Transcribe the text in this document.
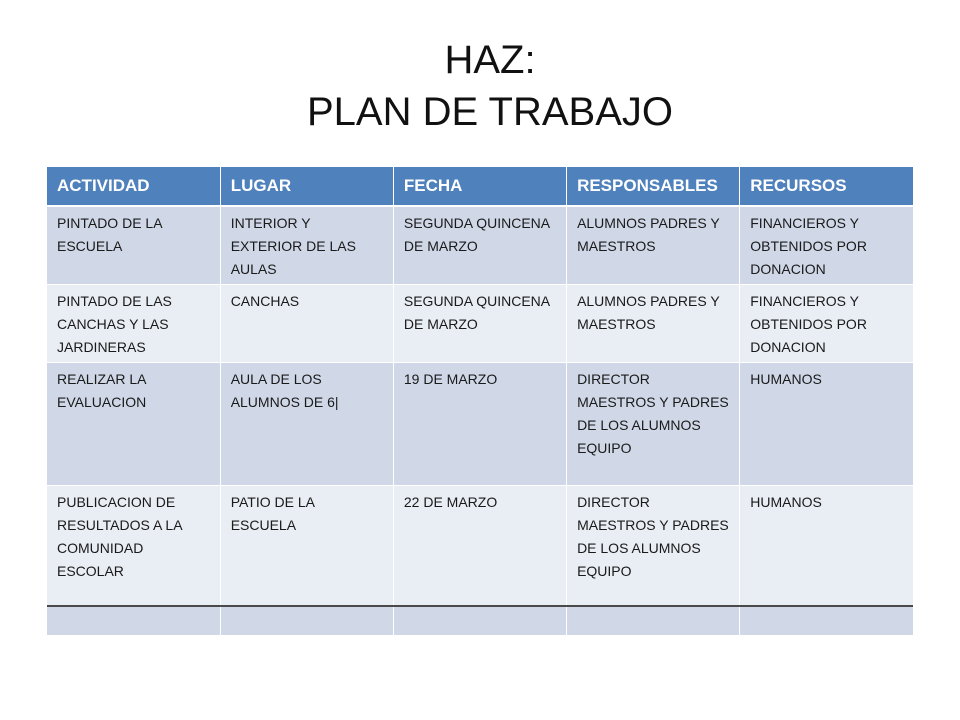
HAZ:
PLAN DE TRABAJO
ACTIVIDAD	LUGAR	FECHA	RESPONSABLES	RECURSOS
PINTADO DE LA ESCUELA	INTERIOR Y EXTERIOR DE LAS AULAS	SEGUNDA QUINCENA DE MARZO	ALUMNOS PADRES Y MAESTROS	FINANCIEROS Y OBTENIDOS POR DONACION
PINTADO DE LAS CANCHAS Y LAS JARDINERAS	CANCHAS	SEGUNDA QUINCENA DE MARZO	ALUMNOS PADRES Y MAESTROS	FINANCIEROS Y OBTENIDOS POR DONACION
REALIZAR LA EVALUACION	AULA DE LOS ALUMNOS DE 6|	19 DE MARZO	DIRECTOR MAESTROS Y PADRES DE LOS ALUMNOS EQUIPO	HUMANOS
PUBLICACION DE RESULTADOS A LA COMUNIDAD ESCOLAR	PATIO DE LA ESCUELA	22 DE MARZO	DIRECTOR MAESTROS Y PADRES DE LOS ALUMNOS EQUIPO	HUMANOS
